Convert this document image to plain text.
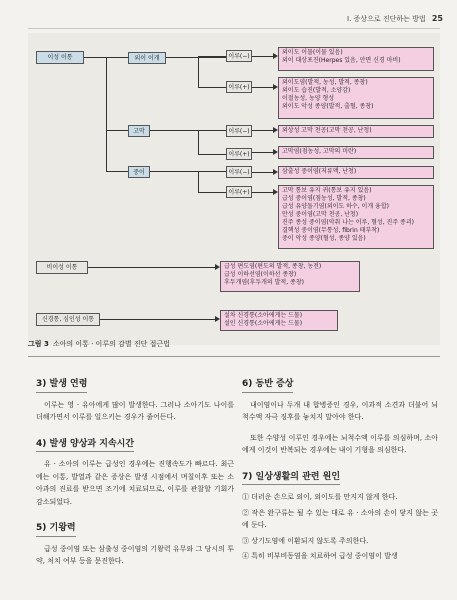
I. 증상으로 진단하는 방법 25
이성 이통
비이성 이통
신경통, 심인성 이통
외이 이개
고막
중이
이루(−)
이루(+)
이루(−)
이루(+)
이루(−)
이루(+)
외이도 이물(이물 있음)
외이 대상포진(Herpes 있음, 안면 신경 마비)
외이도염(발적, 농성, 발적, 종창)
외이도 습진(발적, 소양감)
이절농성, 농양 형성
외이도 악성 종양(발적, 출혈, 종창)
외상성 고막 천공(고막 천공, 난청)
고막염(점농성, 고막의 미란)
삼출성 중이염(저류액, 난청)
고막 통보 유지 귀(통보 유지 있음)
급성 중이염(점농성, 발적, 종창)
급성 유양돌기염(외이도 하수, 이개 융합)
만성 중이염(고막 천공, 난청)
진주 종성 중이염(악취 나는 이루, 혈성, 진주 종괴)
결핵성 중이염(무통성, fibrin 태부착)
중이 악성 종양(혈성, 종양 있음)
급성 편도염(편도의 발적, 종창, 농전)
급성 이하선염(이하선 종창)
후두개염(후두개의 발적, 종창)
설차 신경통(소아에게는 드물)
설인 신경통(소아에게는 드물)
그림 3 소아의 이통 · 이루의 감별 진단 접근법
3) 발생 연령

이루는 영 · 유아에게 많이 발생한다. 그러나 소아기도 나이를 더해가면서 이루를 일으키는 경우가 줄어든다.

4) 발생 양상과 지속시간

유 · 소아의 이루는 급성인 경우에는 진행속도가 빠르다. 최근에는 이통, 발열과 같은 증상은 발생 시점에서 며칠이후 또는 소아과의 진료를 받으면 조기에 치료되므로, 이루를 관찰할 기회가 감소되었다.

5) 기왕력

급성 중이염 또는 삼출성 중이염의 기왕력 유무와 그 당시의 투약, 처치 여부 등을 문진한다.

6) 동반 증상

내이염이나 두개 내 합병증인 경우, 이과적 소견과 더불어 뇌척수액 자극 징후를 놓치지 말아야 한다.

또한 수양성 이루인 경우에는 뇌척수액 이루를 의심하며, 소아에게 이것이 반복되는 경우에는 내이 기형을 의심한다.

7) 일상생활의 관련 원인
① 더러운 손으로 외이, 외이도를 만지지 않게 한다.
② 작은 완구류는 될 수 있는 대로 유 · 소아의 손이 닿지 않는 곳에 둔다.
③ 상기도염에 이환되지 않도록 주의한다.
④ 특히 비부비동염을 치료하여 급성 중이염이 발생
